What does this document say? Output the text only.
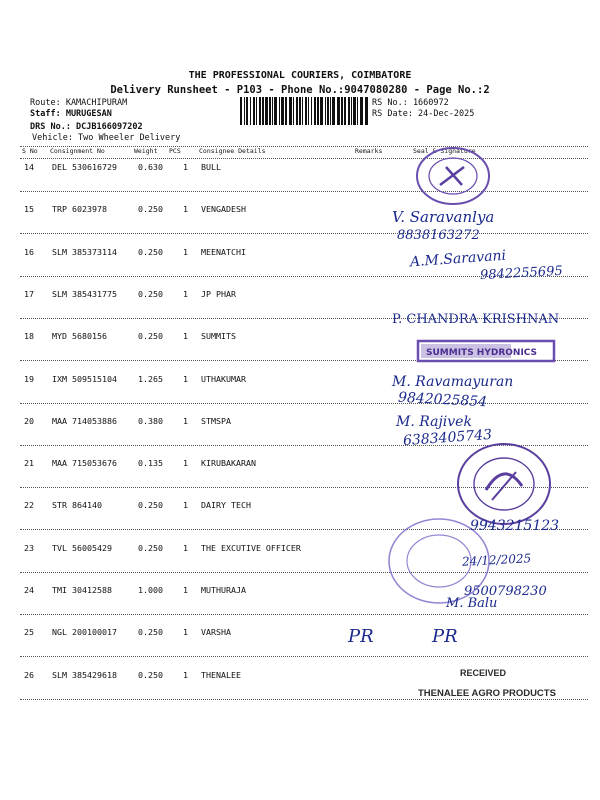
THE PROFESSIONAL COURIERS, COIMBATORE
Delivery Runsheet - P103 - Phone No.:9047080280 - Page No.:2
Route: KAMACHIPURAM
Staff: MURUGESAN
DRS No.: DCJB166097202
Vehicle: Two Wheeler Delivery
RS No.: 1660972
RS Date: 24-Dec-2025
S No Consignment No	Weight PCS	Consignee Details	Remarks	Seal & Signature
14 DEL 530616729	0.630 1 BULL
15 TRP 6023978	0.250 1 VENGADESH
16 SLM 385373114	0.250 1 MEENATCHI
17 SLM 385431775	0.250 1 JP PHAR
18 MYD 5680156	0.250 1 SUMMITS
19 IXM 509515104	1.265 1 UTHAKUMAR
20 MAA 714053886	0.380 1 STMSPA
21 MAA 715053676	0.135 1 KIRUBAKARAN
22 STR 864140	0.250 1 DAIRY TECH
23 TVL 56005429	0.250 1 THE EXCUTIVE OFFICER
24 TMI 30412588	1.000 1 MUTHURAJA
25 NGL 200100017	0.250 1 VARSHA
26 SLM 385429618	0.250 1 THENALEE
SUMMITS HYDRONICS
V. Saravanlya
8838163272
A.M.Saravani
9842255695
P. CHANDRA KRISHNAN
M. Ravamayuran
9842025854
M. Rajivek
6383405743
9943215123
24/12/2025
9500798230
M. Balu
PR	PR
RECEIVED
THENALEE AGRO PRODUCTS
